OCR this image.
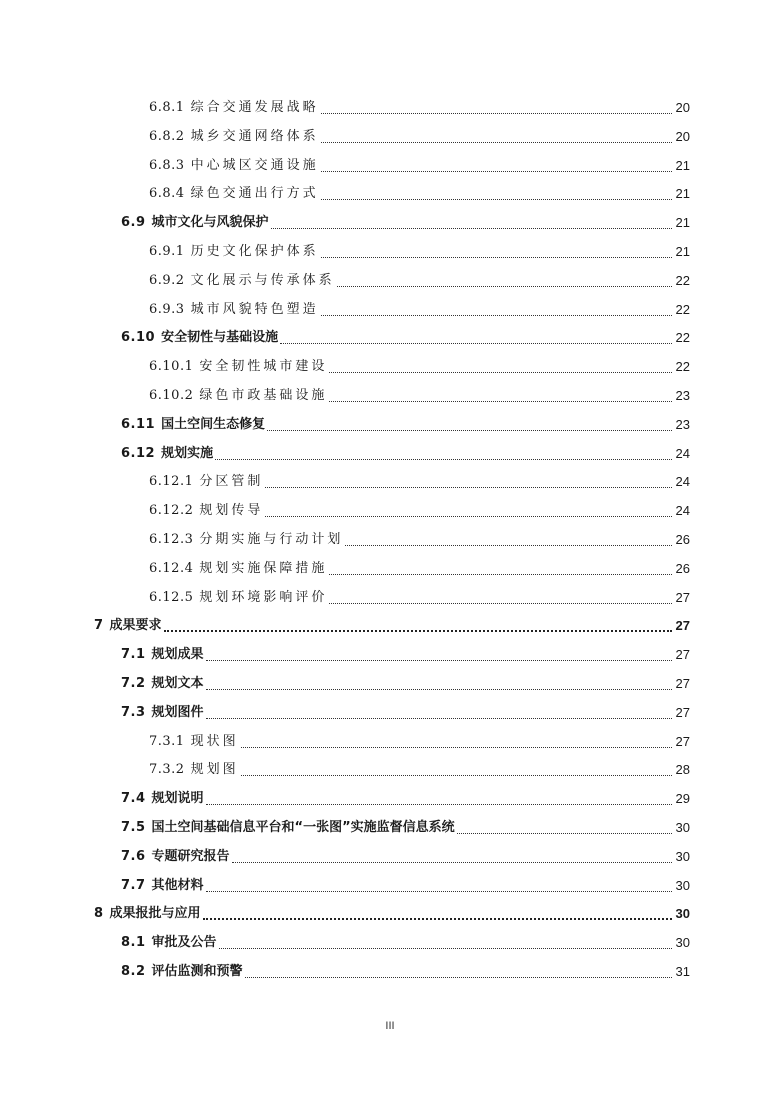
6.8.1 综合交通发展战略	20
6.8.2 城乡交通网络体系	20
6.8.3 中心城区交通设施	21
6.8.4 绿色交通出行方式	21
6.9 城市文化与风貌保护	21
6.9.1 历史文化保护体系	21
6.9.2 文化展示与传承体系	22
6.9.3 城市风貌特色塑造	22
6.10 安全韧性与基础设施	22
6.10.1 安全韧性城市建设	22
6.10.2 绿色市政基础设施	23
6.11 国土空间生态修复	23
6.12 规划实施	24
6.12.1 分区管制	24
6.12.2 规划传导	24
6.12.3 分期实施与行动计划	26
6.12.4 规划实施保障措施	26
6.12.5 规划环境影响评价	27
7 成果要求	27
7.1 规划成果	27
7.2 规划文本	27
7.3 规划图件	27
7.3.1 现状图	27
7.3.2 规划图	28
7.4 规划说明	29
7.5 国土空间基础信息平台和“一张图”实施监督信息系统	30
7.6 专题研究报告	30
7.7 其他材料	30
8 成果报批与应用	30
8.1 审批及公告	30
8.2 评估监测和预警	31
III
